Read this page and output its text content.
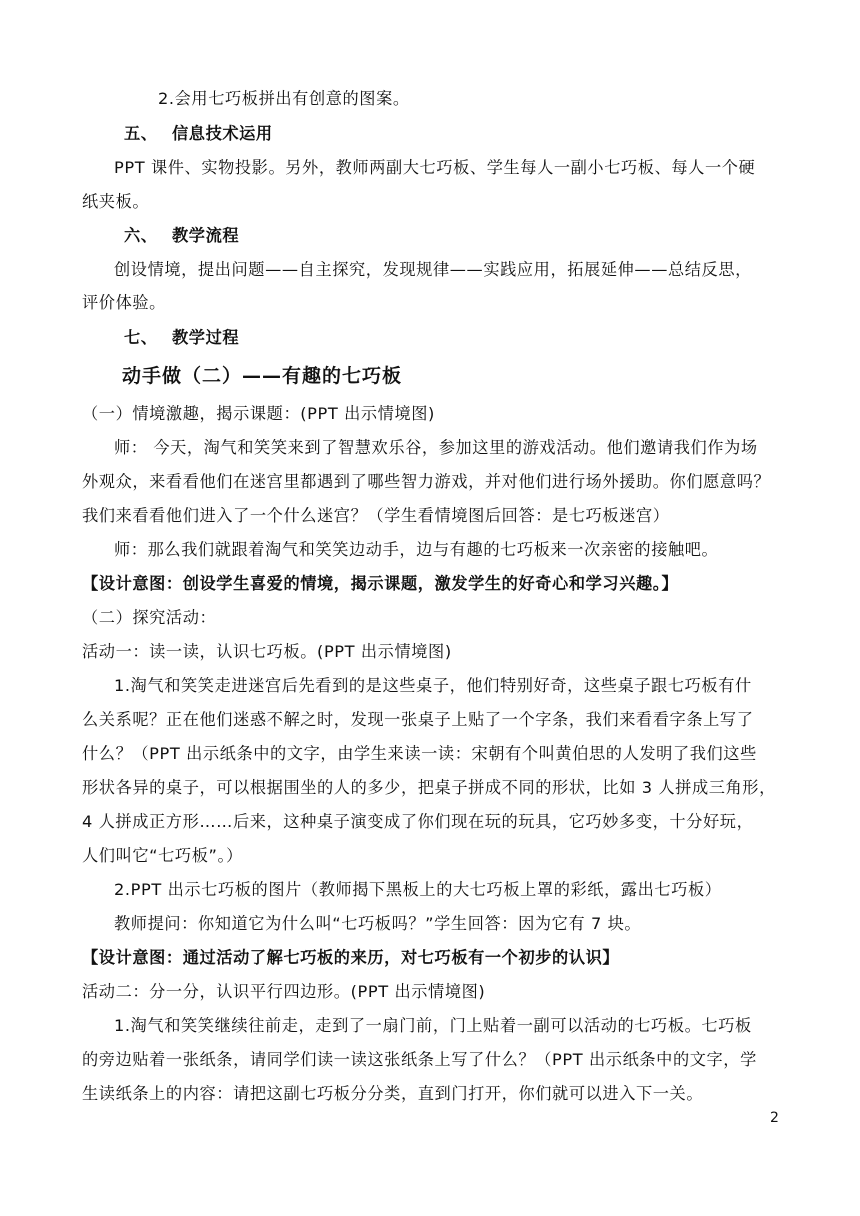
2.会用七巧板拼出有创意的图案。
五、 信息技术运用
PPT 课件、实物投影。另外，教师两副大七巧板、学生每人一副小七巧板、每人一个硬
纸夹板。
六、 教学流程
创设情境，提出问题——自主探究，发现规律——实践应用，拓展延伸——总结反思，
评价体验。
七、 教学过程
动手做（二）——有趣的七巧板
（一）情境激趣，揭示课题：(PPT 出示情境图)
师： 今天，淘气和笑笑来到了智慧欢乐谷，参加这里的游戏活动。他们邀请我们作为场
外观众，来看看他们在迷宫里都遇到了哪些智力游戏，并对他们进行场外援助。你们愿意吗？
我们来看看他们进入了一个什么迷宫？（学生看情境图后回答：是七巧板迷宫）
师：那么我们就跟着淘气和笑笑边动手，边与有趣的七巧板来一次亲密的接触吧。
【设计意图：创设学生喜爱的情境，揭示课题，激发学生的好奇心和学习兴趣。】
（二）探究活动：
活动一：读一读，认识七巧板。(PPT 出示情境图)
1.淘气和笑笑走进迷宫后先看到的是这些桌子，他们特别好奇，这些桌子跟七巧板有什
么关系呢？正在他们迷惑不解之时，发现一张桌子上贴了一个字条，我们来看看字条上写了
什么？（PPT 出示纸条中的文字，由学生来读一读：宋朝有个叫黄伯思的人发明了我们这些
形状各异的桌子，可以根据围坐的人的多少，把桌子拼成不同的形状，比如 3 人拼成三角形，
4 人拼成正方形……后来，这种桌子演变成了你们现在玩的玩具，它巧妙多变，十分好玩，
人们叫它“七巧板”。）
2.PPT 出示七巧板的图片（教师揭下黑板上的大七巧板上罩的彩纸，露出七巧板）
教师提问：你知道它为什么叫“七巧板吗？”学生回答：因为它有 7 块。
【设计意图：通过活动了解七巧板的来历，对七巧板有一个初步的认识】
活动二：分一分，认识平行四边形。(PPT 出示情境图)
1.淘气和笑笑继续往前走，走到了一扇门前，门上贴着一副可以活动的七巧板。七巧板
的旁边贴着一张纸条，请同学们读一读这张纸条上写了什么？（PPT 出示纸条中的文字，学
生读纸条上的内容：请把这副七巧板分分类，直到门打开，你们就可以进入下一关。
2
